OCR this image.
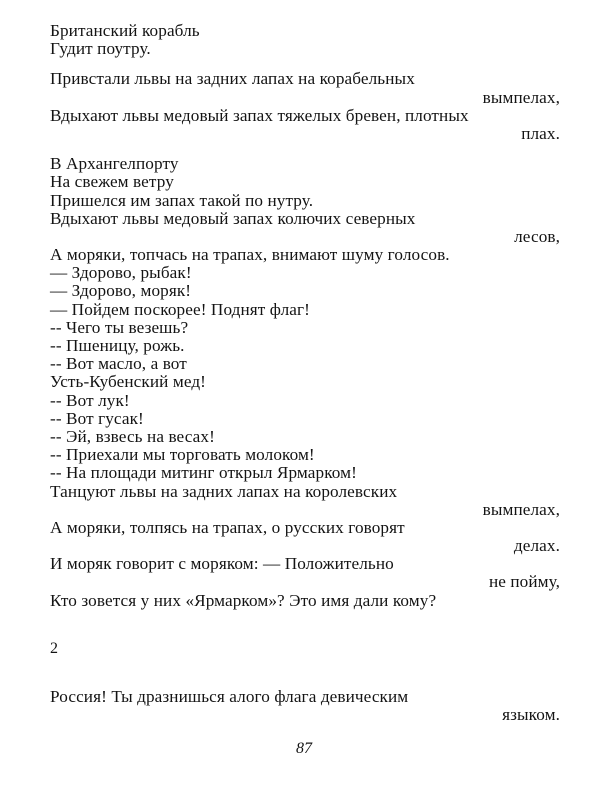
Британский корабль
Гудит поутру.
Привстали львы на задних лапах на корабельных
вымпелах,
Вдыхают львы медовый запах тяжелых бревен, плотных
плах.
В Архангелпорту
На свежем ветру
Пришелся им запах такой по нутру.
Вдыхают львы медовый запах колючих северных
лесов,
А моряки, топчась на трапах, внимают шуму голосов.
— Здорово, рыбак!
— Здорово, моряк!
— Пойдем поскорее! Поднят флаг!
-- Чего ты везешь?
-- Пшеницу, рожь.
-- Вот масло, а вот
Усть-Кубенский мед!
-- Вот лук!
-- Вот гусак!
-- Эй, взвесь на весах!
-- Приехали мы торговать молоком!
-- На площади митинг открыл Ярмарком!
Танцуют львы на задних лапах на королевских
вымпелах,
А моряки, толпясь на трапах, о русских говорят
делах.
И моряк говорит с моряком: — Положительно
не пойму,
Кто зовется у них «Ярмарком»? Это имя дали кому?
2
Россия! Ты дразнишься алого флага девическим
языком.
87
